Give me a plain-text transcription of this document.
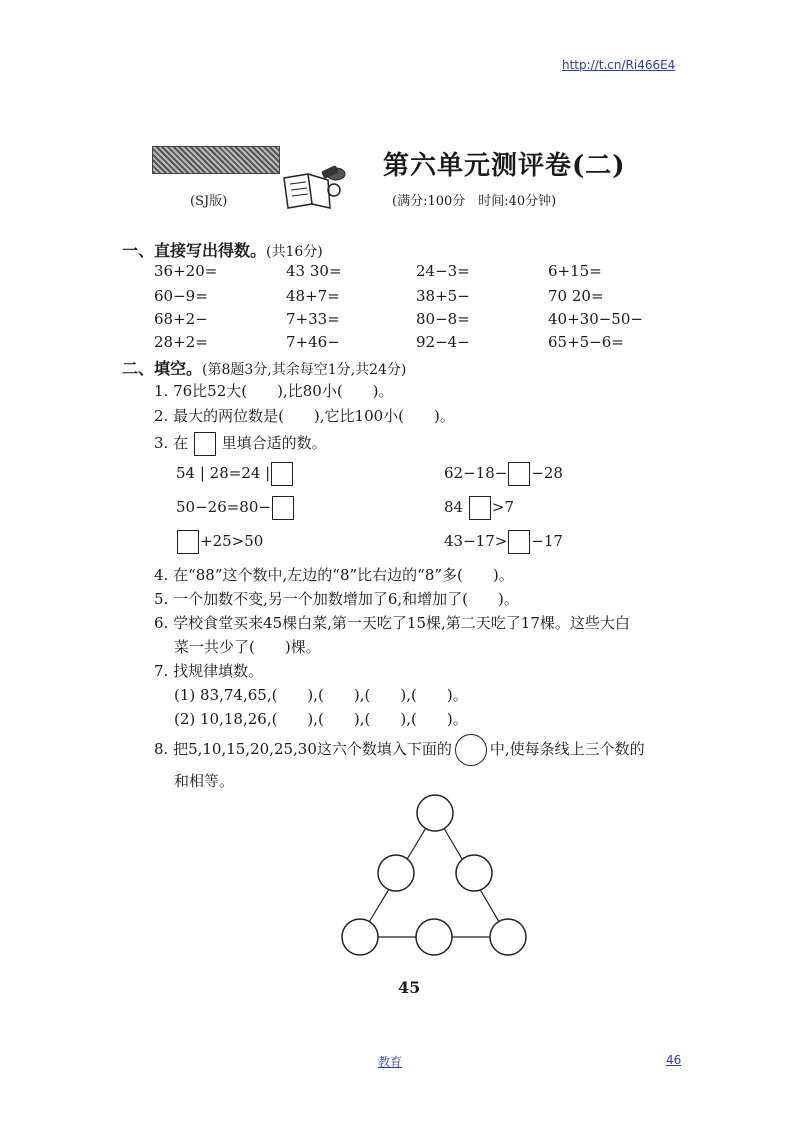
http://t.cn/Ri466E4
第六单元测评卷(二)
(SJ版)	(满分:100分　时间:40分钟)
一、直接写出得数。(共16分)
36+20=	43 30=	24−3=	6+15=
60−9=	48+7=	38+5−	70 20=
68+2−	7+33=	80−8=	40+30−50−
28+2=	7+46−	92−4−	65+5−6=
二、填空。(第8题3分,其余每空1分,共24分)
1. 76比52大(　　),比80小(　　)。
2. 最大的两位数是(　　),它比100小(　　)。
3. 在 里填合适的数。
54 | 28=24 |	62−18− −28
50−26=80−	84 >7
+25>50	43−17> −17
4. 在“88”这个数中,左边的“8”比右边的“8”多(　　)。
5. 一个加数不变,另一个加数增加了6,和增加了(　　)。
6. 学校食堂买来45棵白菜,第一天吃了15棵,第二天吃了17棵。这些大白
菜一共少了(　　)棵。
7. 找规律填数。
(1) 83,74,65,(　　),(　　),(　　),(　　)。
(2) 10,18,26,(　　),(　　),(　　),(　　)。
8. 把5,10,15,20,25,30这六个数填入下面的	中,使每条线上三个数的
和相等。
45
教育	46
